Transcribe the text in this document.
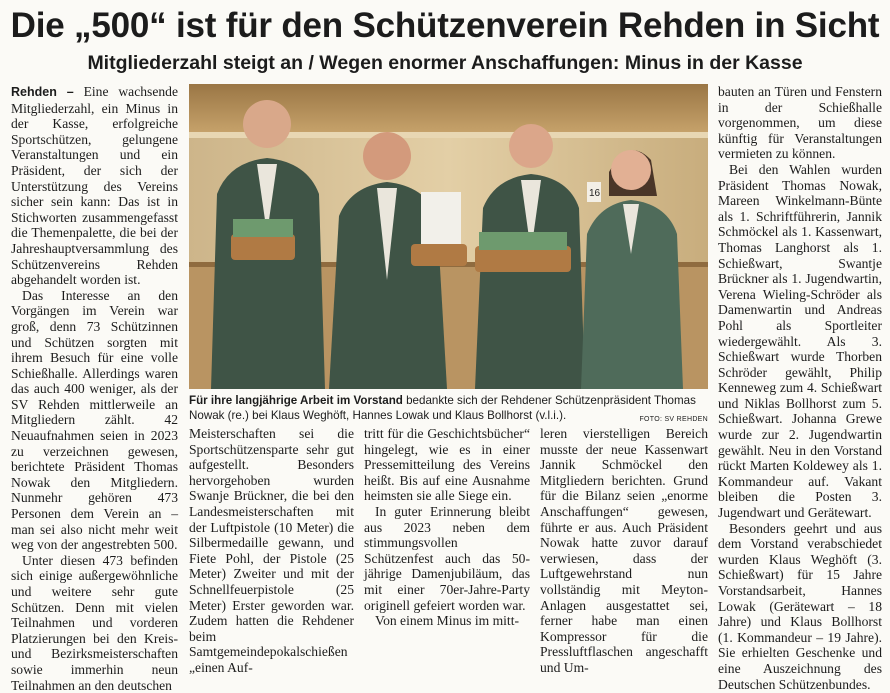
Die „500“ ist für den Schützenverein Rehden in Sicht
Mitgliederzahl steigt an / Wegen enormer Anschaffungen: Minus in der Kasse

Rehden – Eine wachsende Mitgliederzahl, ein Minus in der Kasse, erfolgreiche Sportschützen, gelungene Veranstaltungen und ein Präsident, der sich der Unterstützung des Vereins sicher sein kann: Das ist in Stichworten zusammengefasst die Themenpalette, die bei der Jahreshauptversammlung des Schützenvereins Rehden abgehandelt worden ist.

Das Interesse an den Vorgängen im Verein war groß, denn 73 Schützinnen und Schützen sorgten mit ihrem Besuch für eine volle Schießhalle. Allerdings waren das auch 400 weniger, als der SV Rehden mittlerweile an Mitgliedern zählt. 42 Neuaufnahmen seien in 2023 zu verzeichnen gewesen, berichtete Präsident Thomas Nowak den Mitgliedern. Nunmehr gehören 473 Personen dem Verein an – man sei also nicht mehr weit weg von der angestrebten 500.

Unter diesen 473 befinden sich einige außergewöhnliche und weitere sehr gute Schützen. Denn mit vielen Teilnahmen und vorderen Platzierungen bei den Kreis- und Bezirksmeisterschaften sowie immerhin neun Teilnahmen an den deutschen

16
Für ihre langjährige Arbeit im Vorstand bedankte sich der Rehdener Schützenpräsident Thomas Nowak (re.) bei Klaus Weghöft, Hannes Lowak und Klaus Bollhorst (v.l.i.).	FOTO: SV REHDEN

Meisterschaften sei die Sportschützensparte sehr gut aufgestellt. Besonders hervorgehoben wurden Swanje Brückner, die bei den Landesmeisterschaften mit der Luftpistole (10 Meter) die Silbermedaille gewann, und Fiete Pohl, der Pistole (25 Meter) Zweiter und mit der Schnellfeuerpistole (25 Meter) Erster geworden war. Zudem hatten die Rehdener beim Samtgemeindepokalschießen „einen Auf-

tritt für die Geschichtsbücher“ hingelegt, wie es in einer Pressemitteilung des Vereins heißt. Bis auf eine Ausnahme heimsten sie alle Siege ein.

In guter Erinnerung bleibt aus 2023 neben dem stimmungsvollen Schützenfest auch das 50-jährige Damenjubiläum, das mit einer 70er-Jahre-Party originell gefeiert worden war.

Von einem Minus im mitt-

leren vierstelligen Bereich musste der neue Kassenwart Jannik Schmöckel den Mitgliedern berichten. Grund für die Bilanz seien „enorme Anschaffungen“ gewesen, führte er aus. Auch Präsident Nowak hatte zuvor darauf verwiesen, dass der Luftgewehrstand nun vollständig mit Meyton-Anlagen ausgestattet sei, ferner habe man einen Kompressor für die Pressluftflaschen angeschafft und Um-

bauten an Türen und Fenstern in der Schießhalle vorgenommen, um diese künftig für Veranstaltungen vermieten zu können.

Bei den Wahlen wurden Präsident Thomas Nowak, Mareen Winkelmann-Bünte als 1. Schriftführerin, Jannik Schmöckel als 1. Kassenwart, Thomas Langhorst als 1. Schießwart, Swantje Brückner als 1. Jugendwartin, Verena Wieling-Schröder als Damenwartin und Andreas Pohl als Sportleiter wiedergewählt. Als 3. Schießwart wurde Thorben Schröder gewählt, Philip Kenneweg zum 4. Schießwart und Niklas Bollhorst zum 5. Schießwart. Johanna Grewe wurde zur 2. Jugendwartin gewählt. Neu in den Vorstand rückt Marten Koldewey als 1. Kommandeur auf. Vakant bleiben die Posten 3. Jugendwart und Gerätewart.

Besonders geehrt und aus dem Vorstand verabschiedet wurden Klaus Weghöft (3. Schießwart) für 15 Jahre Vorstandsarbeit, Hannes Lowak (Gerätewart – 18 Jahre) und Klaus Bollhorst (1. Kommandeur – 19 Jahre). Sie erhielten Geschenke und eine Auszeichnung des Deutschen Schützenbundes.
